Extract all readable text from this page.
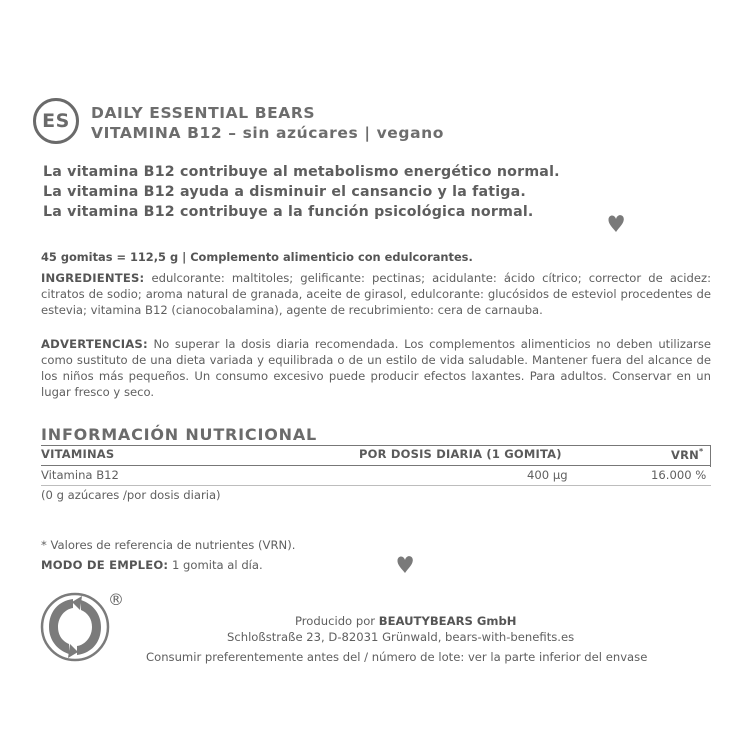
ES DAILY ESSENTIAL BEARS
VITAMINA B12 – sin azúcares | vegano
La vitamina B12 contribuye al metabolismo energético normal.
La vitamina B12 ayuda a disminuir el cansancio y la fatiga.
La vitamina B12 contribuye a la función psicológica normal.
45 gomitas = 112,5 g | Complemento alimenticio con edulcorantes.
INGREDIENTES: edulcorante: maltitoles; gelificante: pectinas; acidulante: ácido cítrico; corrector de acidez: citratos de sodio; aroma natural de granada, aceite de girasol, edulcorante: glucósidos de esteviol procedentes de estevia; vitamina B12 (cianocobalamina), agente de recubrimiento: cera de carnauba.
ADVERTENCIAS: No superar la dosis diaria recomendada. Los complementos alimenticios no deben utilizarse como sustituto de una dieta variada y equilibrada o de un estilo de vida saludable. Mantener fuera del alcance de los niños más pequeños. Un consumo excesivo puede producir efectos laxantes. Para adultos. Conservar en un lugar fresco y seco.
INFORMACIÓN NUTRICIONAL
VITAMINAS	POR DOSIS DIARIA (1 GOMITA)	VRN*
Vitamina B12	400 µg	16.000 %
(0 g azúcares /por dosis diaria)
* Valores de referencia de nutrientes (VRN).
MODO DE EMPLEO: 1 gomita al día.
®
Producido por BEAUTYBEARS GmbH
Schloßstraße 23, D-82031 Grünwald, bears-with-benefits.es
Consumir preferentemente antes del / número de lote: ver la parte inferior del envase
